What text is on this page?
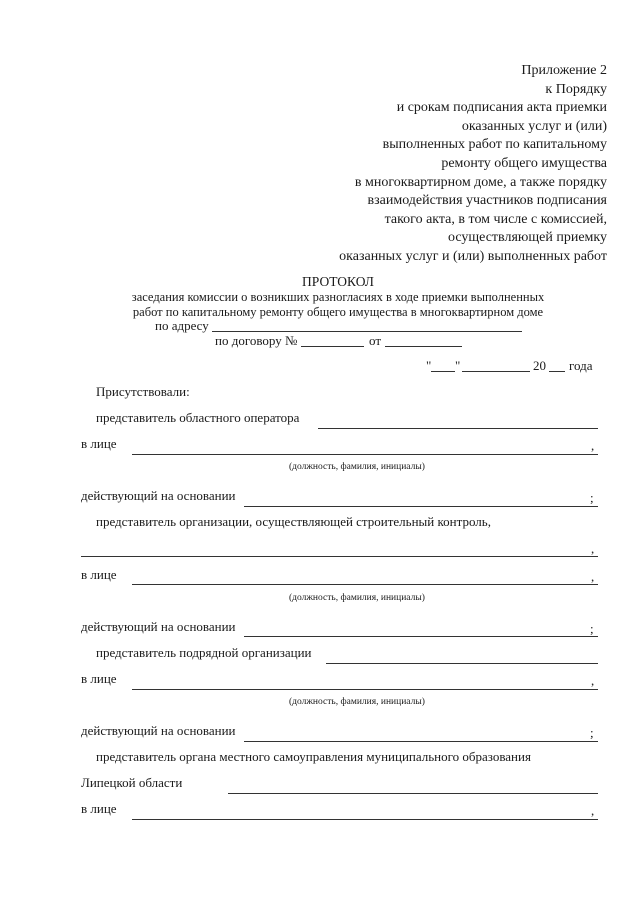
Приложение 2
к Порядку
и срокам подписания акта приемки
оказанных услуг и (или)
выполненных работ по капитальному
ремонту общего имущества
в многоквартирном доме, а также порядку
взаимодействия участников подписания
такого акта, в том числе с комиссией,
осуществляющей приемку
оказанных услуг и (или) выполненных работ
ПРОТОКОЛ
заседания комиссии о возникших разногласиях в ходе приемки выполненных
работ по капитальному ремонту общего имущества в многоквартирном доме
по адресу
по договору №	от
" "	20 года
Присутствовали:
представитель областного оператора
в лице	,
(должность, фамилия, инициалы)
действующий на основании	;
представитель организации, осуществляющей строительный контроль,
,
в лице	,
(должность, фамилия, инициалы)
действующий на основании	;
представитель подрядной организации
в лице	,
(должность, фамилия, инициалы)
действующий на основании	;
представитель органа местного самоуправления муниципального образования
Липецкой области
в лице	,
